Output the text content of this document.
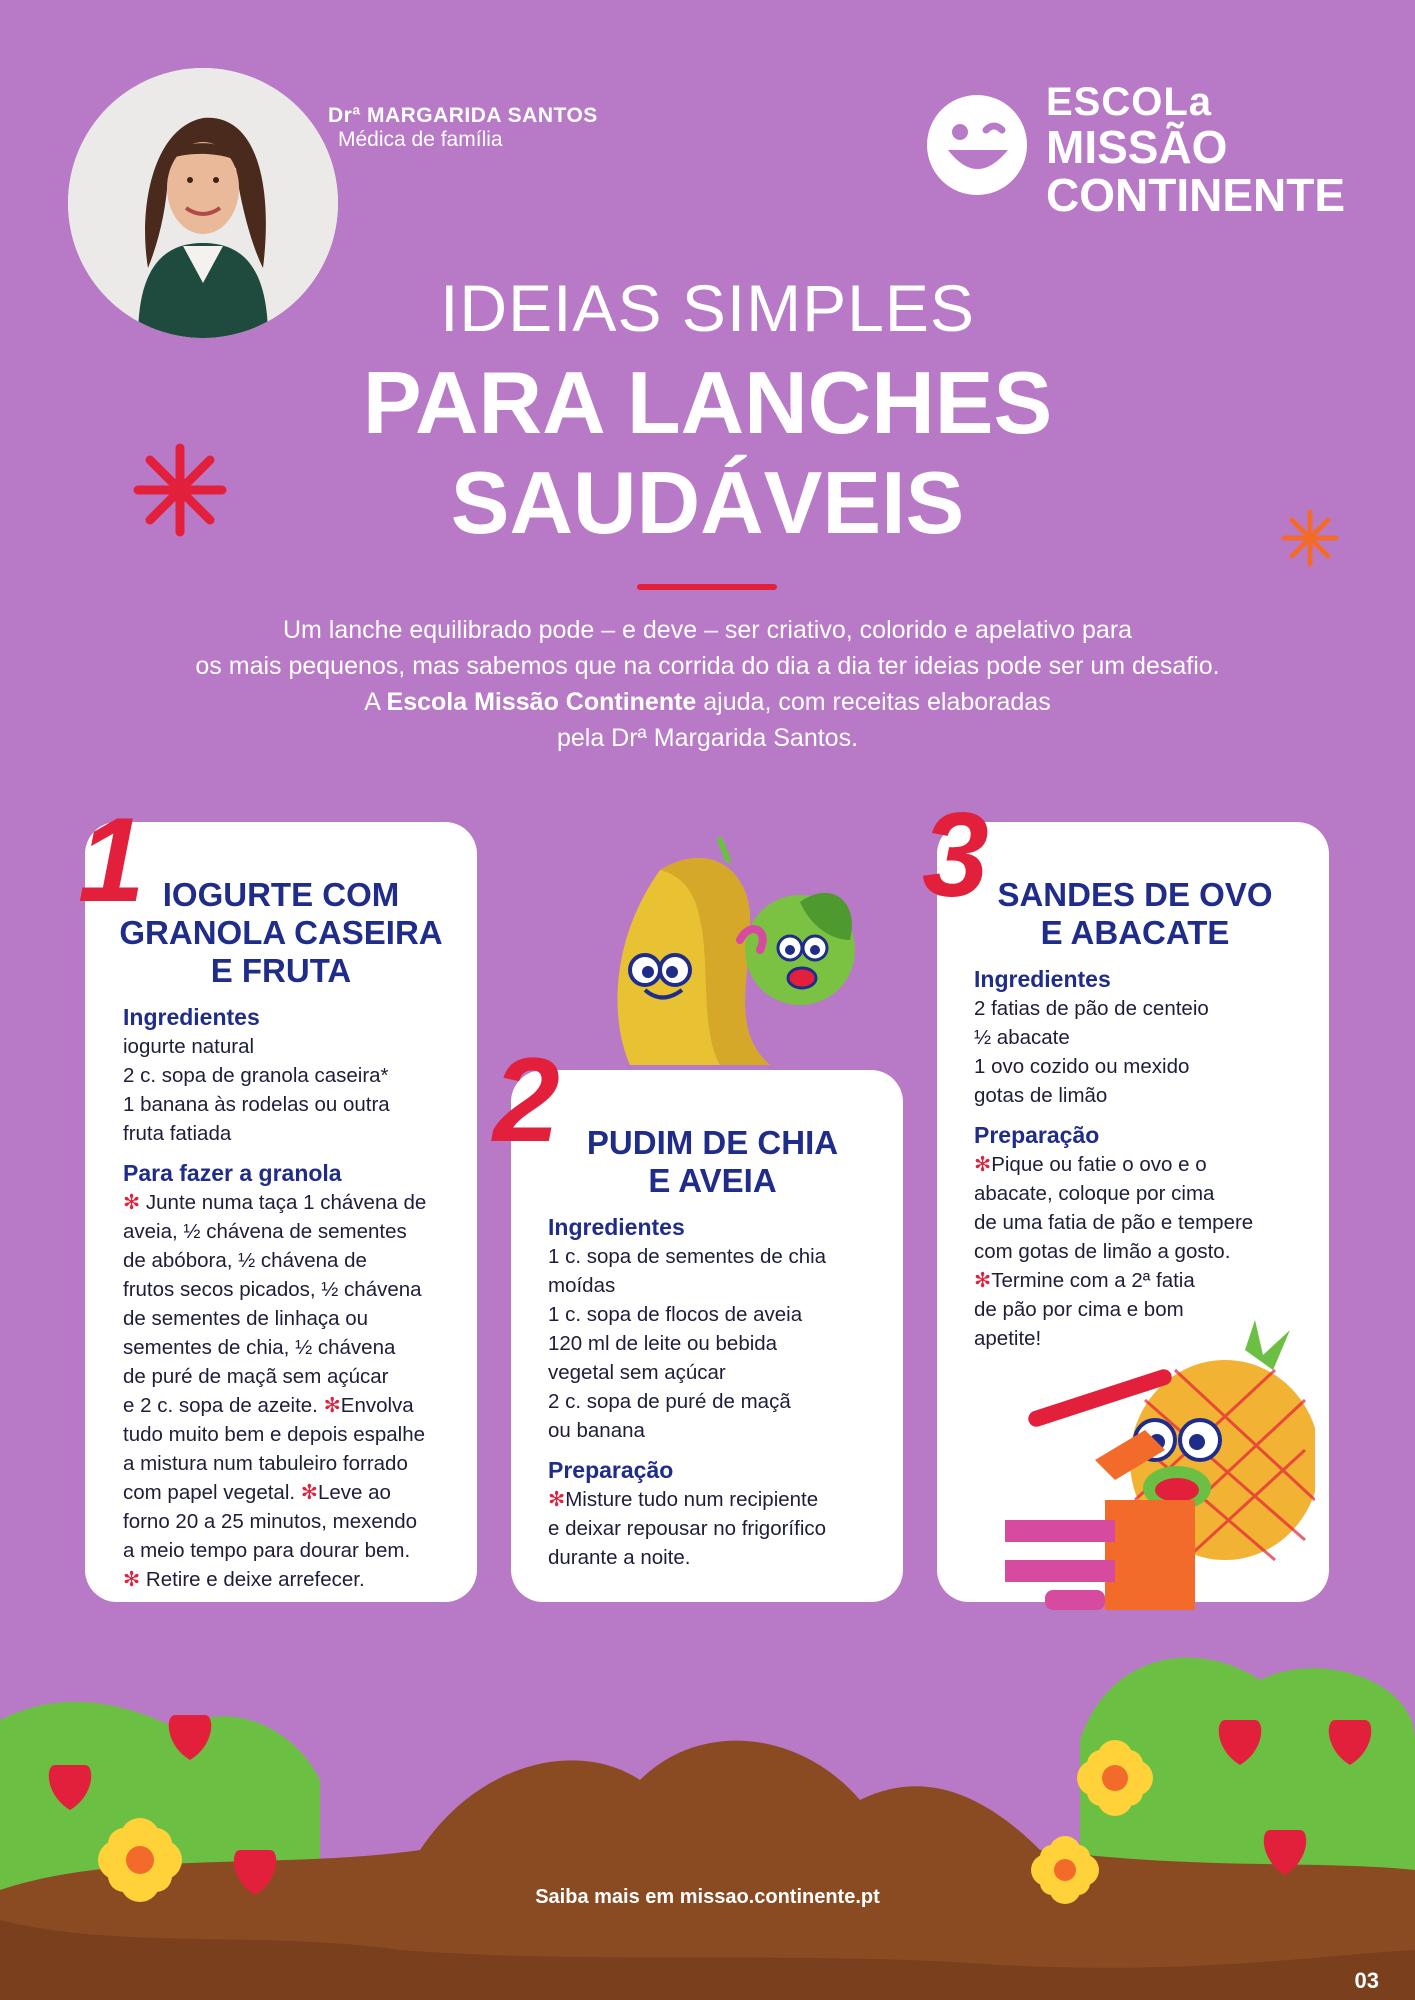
Drª MARGARIDA SANTOS
Médica de família
ESCOLa
MISSÃO
CONTINENTE
IDEIAS SIMPLES
PARA LANCHES
SAUDÁVEIS
Um lanche equilibrado pode – e deve – ser criativo, colorido e apelativo para
os mais pequenos, mas sabemos que na corrida do dia a dia ter ideias pode ser um desafio.
A Escola Missão Continente ajuda, com receitas elaboradas
pela Drª Margarida Santos.
1 IOGURTE COM
GRANOLA CASEIRA
E FRUTA
Ingredientes
iogurte natural
2 c. sopa de granola caseira*
1 banana às rodelas ou outra
fruta fatiada
Para fazer a granola
✻ Junte numa taça 1 chávena de
aveia, ½ chávena de sementes
de abóbora, ½ chávena de
frutos secos picados, ½ chávena
de sementes de linhaça ou
sementes de chia, ½ chávena
de puré de maçã sem açúcar
e 2 c. sopa de azeite. ✻Envolva
tudo muito bem e depois espalhe
a mistura num tabuleiro forrado
com papel vegetal. ✻Leve ao
forno 20 a 25 minutos, mexendo
a meio tempo para dourar bem.
✻ Retire e deixe arrefecer.
2 PUDIM DE CHIA
E AVEIA
Ingredientes
1 c. sopa de sementes de chia
moídas
1 c. sopa de flocos de aveia
120 ml de leite ou bebida
vegetal sem açúcar
2 c. sopa de puré de maçã
ou banana
Preparação
✻Misture tudo num recipiente
e deixar repousar no frigorífico
durante a noite.
3 SANDES DE OVO
E ABACATE
Ingredientes
2 fatias de pão de centeio
½ abacate
1 ovo cozido ou mexido
gotas de limão
Preparação
✻Pique ou fatie o ovo e o
abacate, coloque por cima
de uma fatia de pão e tempere
com gotas de limão a gosto.
✻Termine com a 2ª fatia
de pão por cima e bom
apetite!
Saiba mais em missao.continente.pt
03
